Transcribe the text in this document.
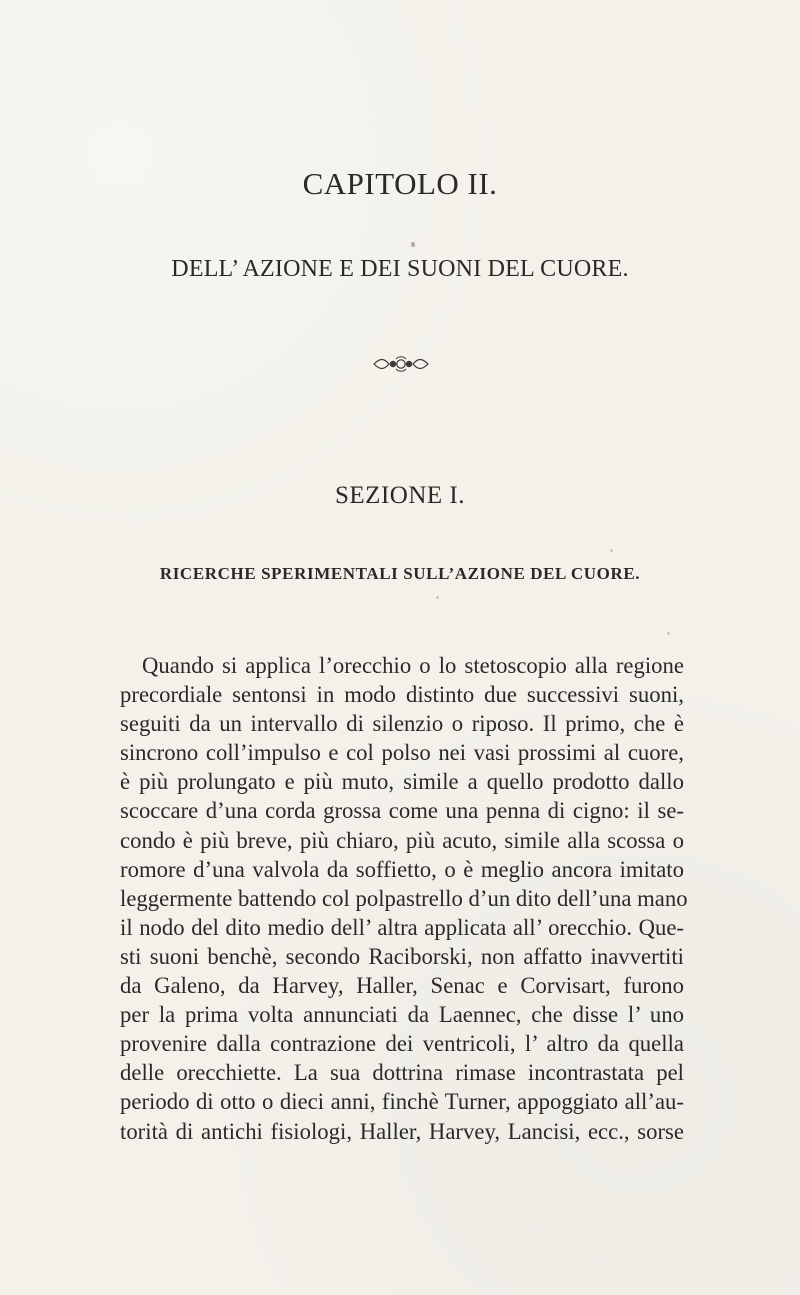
CAPITOLO II.
DELL’ AZIONE E DEI SUONI DEL CUORE.
SEZIONE I.
RICERCHE SPERIMENTALI SULL’AZIONE DEL CUORE.
Quando si applica l’orecchio o lo stetoscopio alla regione
precordiale sentonsi in modo distinto due successivi suoni,
seguiti da un intervallo di silenzio o riposo. Il primo, che è
sincrono coll’impulso e col polso nei vasi prossimi al cuore,
è più prolungato e più muto, simile a quello prodotto dallo
scoccare d’una corda grossa come una penna di cigno: il se-
condo è più breve, più chiaro, più acuto, simile alla scossa o
romore d’una valvola da soffietto, o è meglio ancora imitato
leggermente battendo col polpastrello d’un dito dell’una mano
il nodo del dito medio dell’ altra applicata all’ orecchio. Que-
sti suoni benchè, secondo Raciborski, non affatto inavvertiti
da Galeno, da Harvey, Haller, Senac e Corvisart, furono
per la prima volta annunciati da Laennec, che disse l’ uno
provenire dalla contrazione dei ventricoli, l’ altro da quella
delle orecchiette. La sua dottrina rimase incontrastata pel
periodo di otto o dieci anni, finchè Turner, appoggiato all’au-
torità di antichi fisiologi, Haller, Harvey, Lancisi, ecc., sorse
